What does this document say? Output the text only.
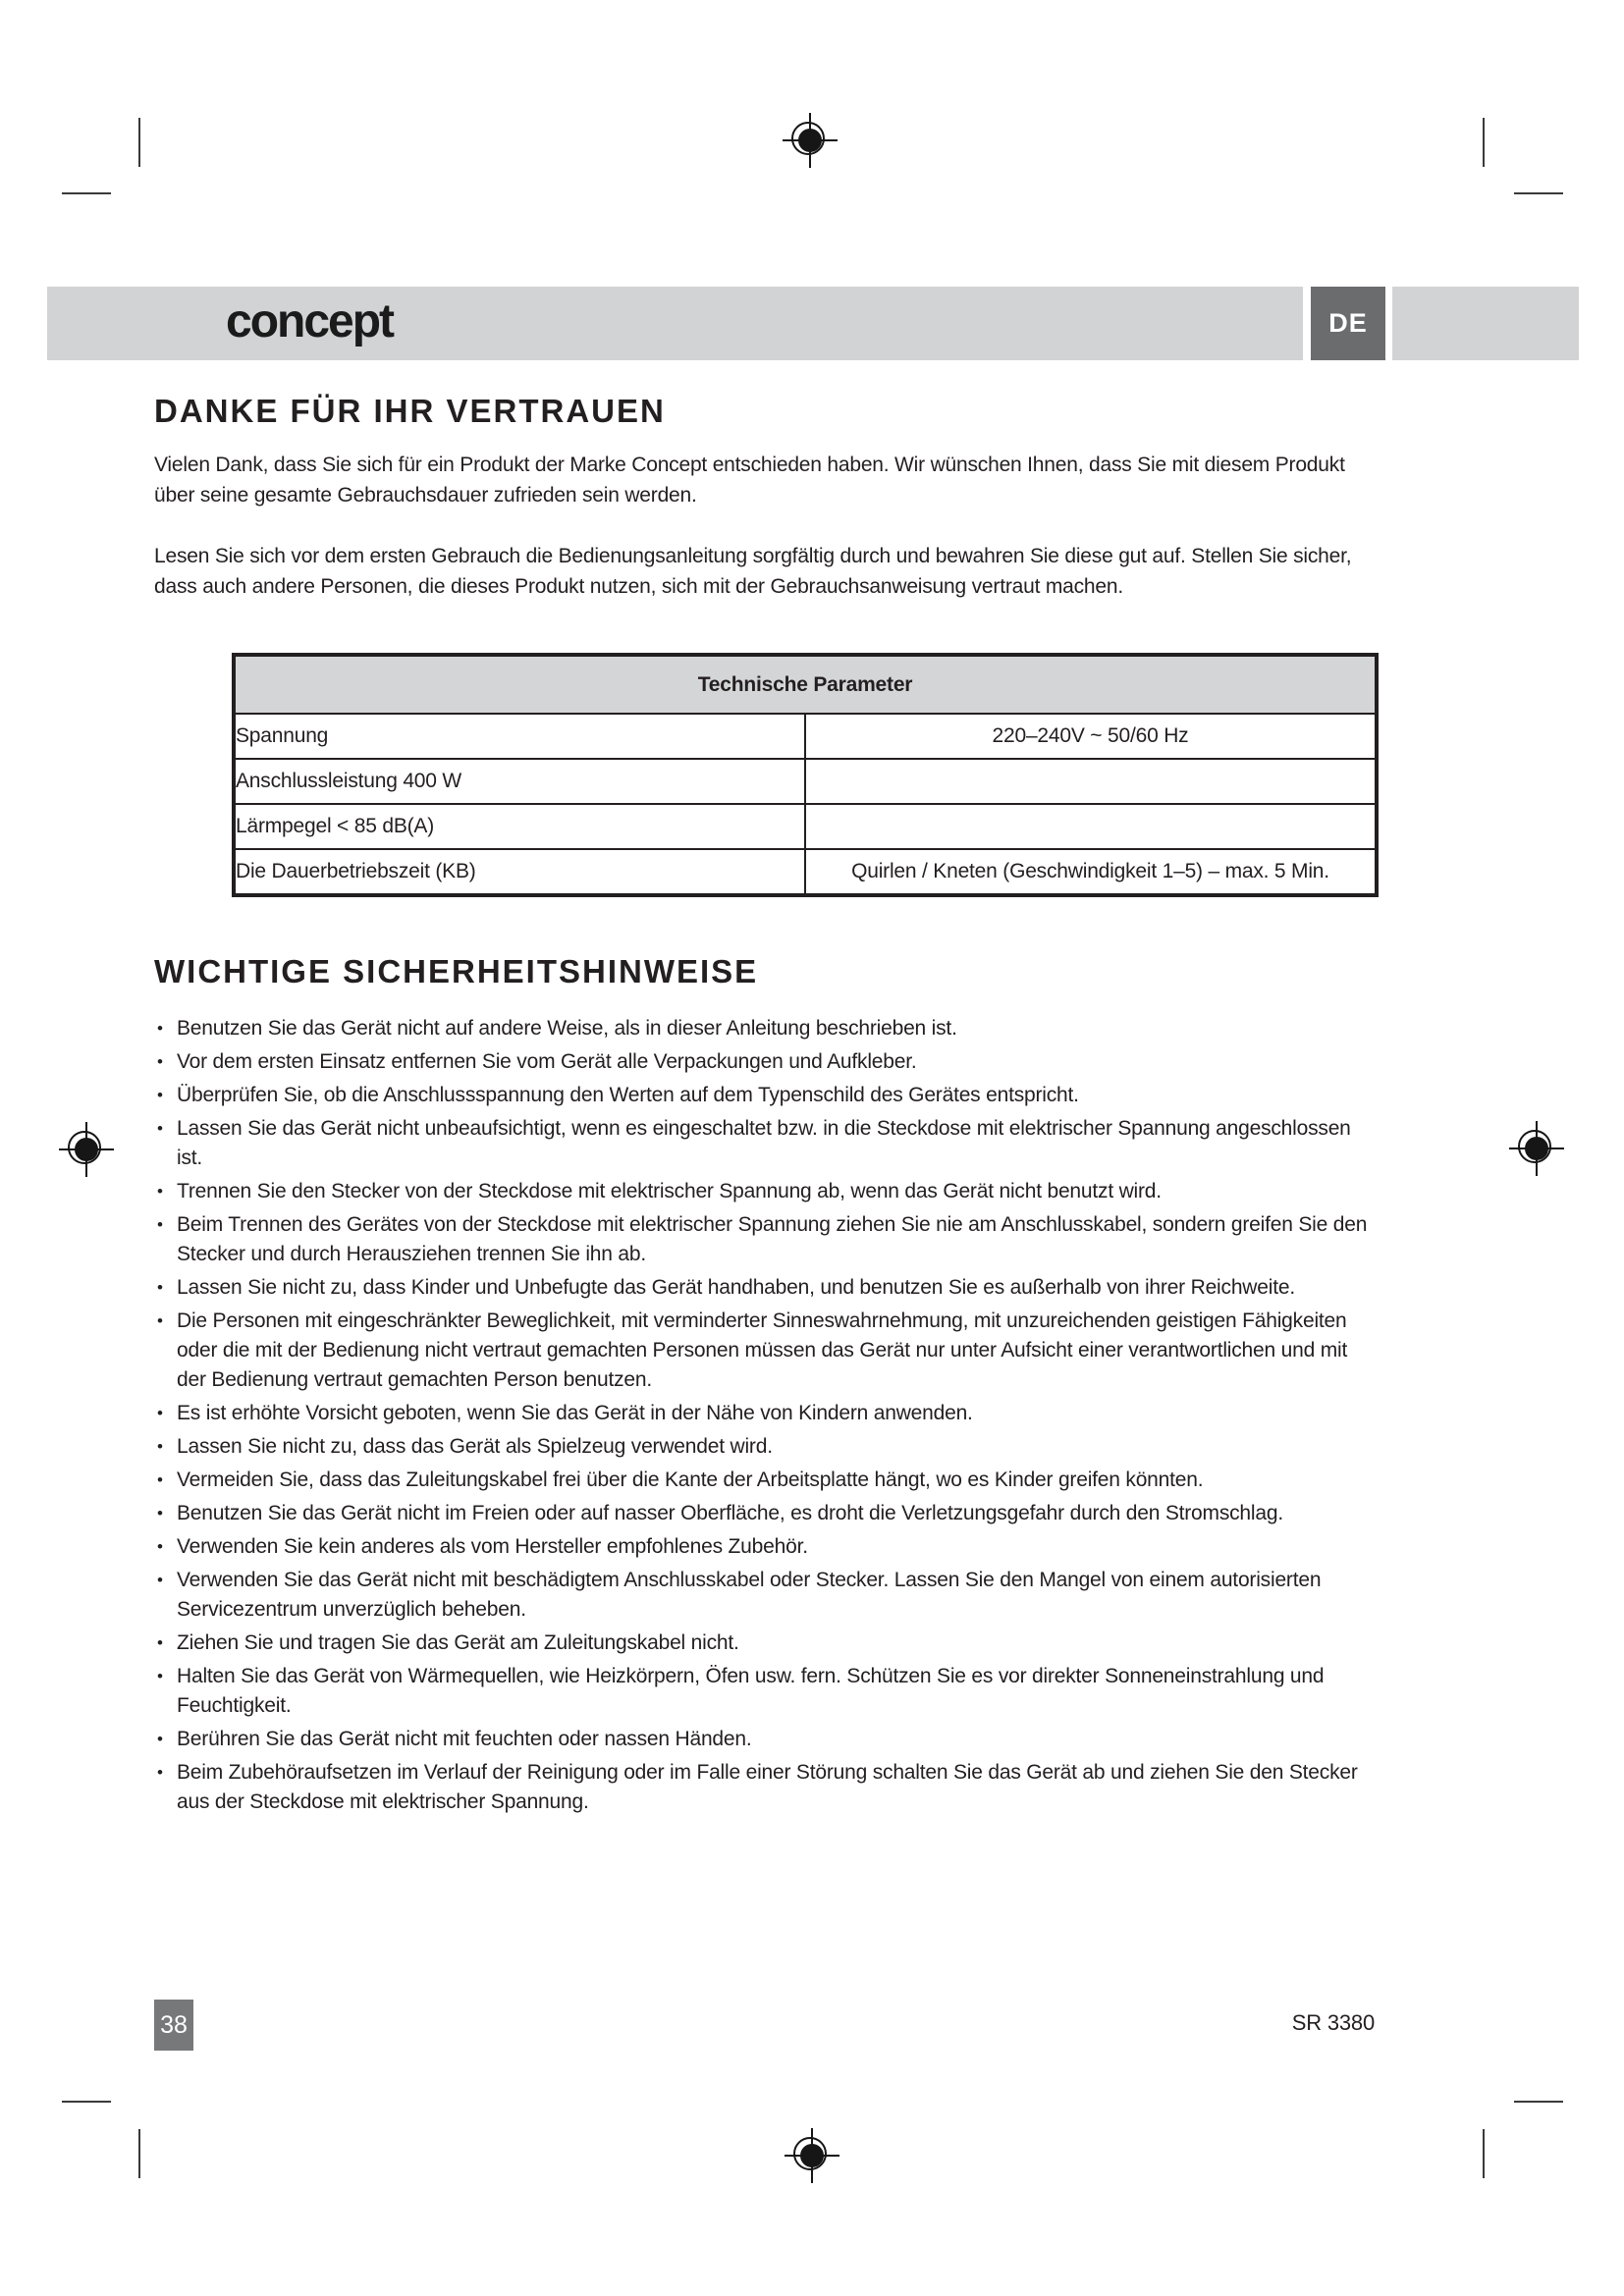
concept	DE
DANKE FÜR IHR VERTRAUEN

Vielen Dank, dass Sie sich für ein Produkt der Marke Concept entschieden haben. Wir wünschen Ihnen, dass Sie mit diesem Produkt über seine gesamte Gebrauchsdauer zufrieden sein werden.

Lesen Sie sich vor dem ersten Gebrauch die Bedienungsanleitung sorgfältig durch und bewahren Sie diese gut auf. Stellen Sie sicher, dass auch andere Personen, die dieses Produkt nutzen, sich mit der Gebrauchsanweisung vertraut machen.

Technische Parameter	
Spannung	220–240V ~ 50/60 Hz
Anschlussleistung 400 W	
Lärmpegel < 85 dB(A)	
Die Dauerbetriebszeit (KB)	Quirlen / Kneten (Geschwindigkeit 1–5) – max. 5 Min.
WICHTIGE SICHERHEITSHINWEISE
• Benutzen Sie das Gerät nicht auf andere Weise, als in dieser Anleitung beschrieben ist.
• Vor dem ersten Einsatz entfernen Sie vom Gerät alle Verpackungen und Aufkleber.
• Überprüfen Sie, ob die Anschlussspannung den Werten auf dem Typenschild des Gerätes entspricht.
• Lassen Sie das Gerät nicht unbeaufsichtigt, wenn es eingeschaltet bzw. in die Steckdose mit elektrischer Spannung angeschlossen ist.
• Trennen Sie den Stecker von der Steckdose mit elektrischer Spannung ab, wenn das Gerät nicht benutzt wird.
• Beim Trennen des Gerätes von der Steckdose mit elektrischer Spannung ziehen Sie nie am Anschlusskabel, sondern greifen Sie den Stecker und durch Herausziehen trennen Sie ihn ab.
• Lassen Sie nicht zu, dass Kinder und Unbefugte das Gerät handhaben, und benutzen Sie es außerhalb von ihrer Reichweite.
• Die Personen mit eingeschränkter Beweglichkeit, mit verminderter Sinneswahrnehmung, mit unzureichenden geistigen Fähigkeiten oder die mit der Bedienung nicht vertraut gemachten Personen müssen das Gerät nur unter Aufsicht einer verantwortlichen und mit der Bedienung vertraut gemachten Person benutzen.
• Es ist erhöhte Vorsicht geboten, wenn Sie das Gerät in der Nähe von Kindern anwenden.
• Lassen Sie nicht zu, dass das Gerät als Spielzeug verwendet wird.
• Vermeiden Sie, dass das Zuleitungskabel frei über die Kante der Arbeitsplatte hängt, wo es Kinder greifen könnten.
• Benutzen Sie das Gerät nicht im Freien oder auf nasser Oberfläche, es droht die Verletzungsgefahr durch den Stromschlag.
• Verwenden Sie kein anderes als vom Hersteller empfohlenes Zubehör.
• Verwenden Sie das Gerät nicht mit beschädigtem Anschlusskabel oder Stecker. Lassen Sie den Mangel von einem autorisierten Servicezentrum unverzüglich beheben.
• Ziehen Sie und tragen Sie das Gerät am Zuleitungskabel nicht.
• Halten Sie das Gerät von Wärmequellen, wie Heizkörpern, Öfen usw. fern. Schützen Sie es vor direkter Sonneneinstrahlung und Feuchtigkeit.
• Berühren Sie das Gerät nicht mit feuchten oder nassen Händen.
• Beim Zubehöraufsetzen im Verlauf der Reinigung oder im Falle einer Störung schalten Sie das Gerät ab und ziehen Sie den Stecker aus der Steckdose mit elektrischer Spannung.
38	SR 3380
